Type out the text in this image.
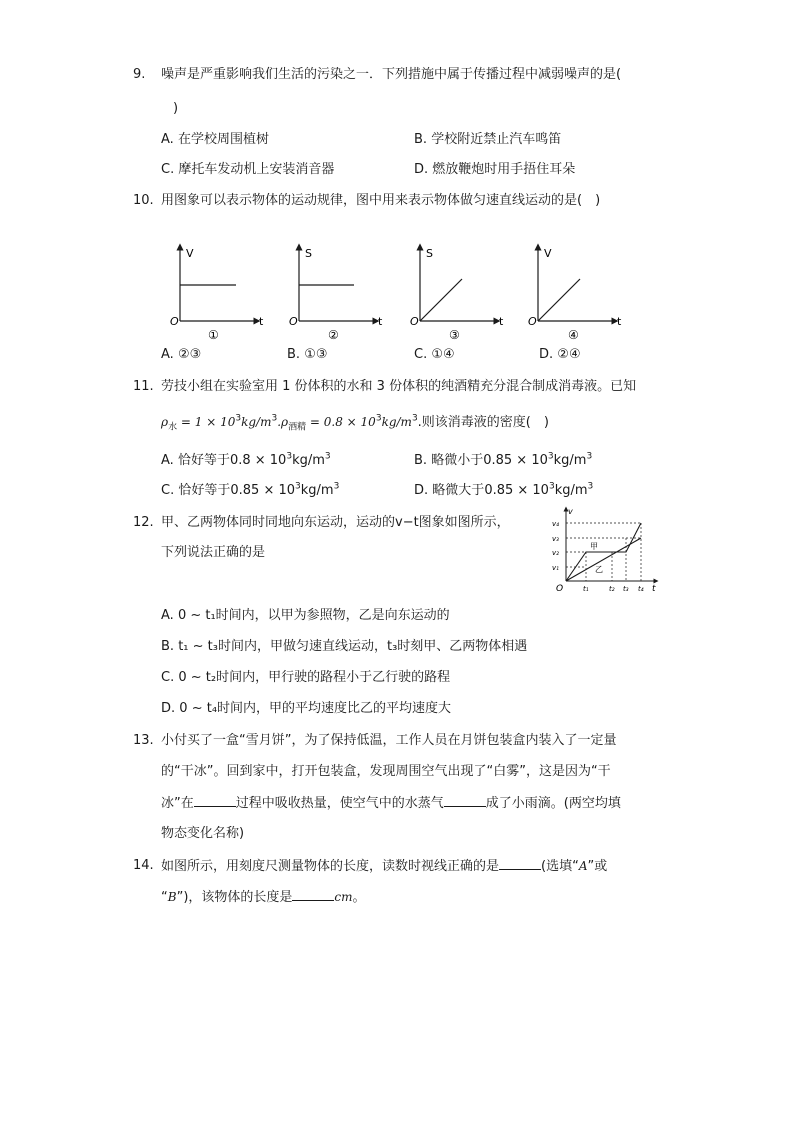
9. 噪声是严重影响我们生活的污染之一．下列措施中属于传播过程中减弱噪声的是(
)
A. 在学校周围植树	B. 学校附近禁止汽车鸣笛
C. 摩托车发动机上安装消音器	D. 燃放鞭炮时用手捂住耳朵
10. 用图象可以表示物体的运动规律，图中用来表示物体做匀速直线运动的是(　)
V
t
O
①
S
t
O
②
S
t
O
③
V
t
O
④
A. ②③	B. ①③	C. ①④	D. ②④
11. 劳技小组在实验室用 1 份体积的水和 3 份体积的纯酒精充分混合制成消毒液。已知
$\rho_水 = 1 \times 10^3kg/m^3.\rho_{酒精} = 0.8 \times 10^3kg/m^3$.则该消毒液的密度(　)
A. 恰好等于$0.8 \times 10^3kg/m^3$	B. 略微小于$0.85 \times 10^3kg/m^3$
C. 恰好等于$0.85 \times 10^3kg/m^3$	D. 略微大于$0.85 \times 10^3kg/m^3$
12. 甲、乙两物体同时同地向东运动，运动的v−t图象如图所示，
下列说法正确的是
v
t
O
v₄
v₃
v₂
v₁
t₁	t₂ t₃ t₄
甲
乙
A. 0 ~ t₁时间内，以甲为参照物，乙是向东运动的
B. t₁ ~ t₃时间内，甲做匀速直线运动，t₃时刻甲、乙两物体相遇
C. 0 ~ t₂时间内，甲行驶的路程小于乙行驶的路程
D. 0 ~ t₄时间内，甲的平均速度比乙的平均速度大
13. 小付买了一盒“雪月饼”，为了保持低温，工作人员在月饼包装盒内装入了一定量
的“干冰”。回到家中，打开包装盒，发现周围空气出现了“白雾”，这是因为“干
冰”在	过程中吸收热量，使空气中的水蒸气	成了小雨滴。(两空均填
物态变化名称)
14. 如图所示，用刻度尺测量物体的长度，读数时视线正确的是	(选填“A”或
“B”)，该物体的长度是	cm。
